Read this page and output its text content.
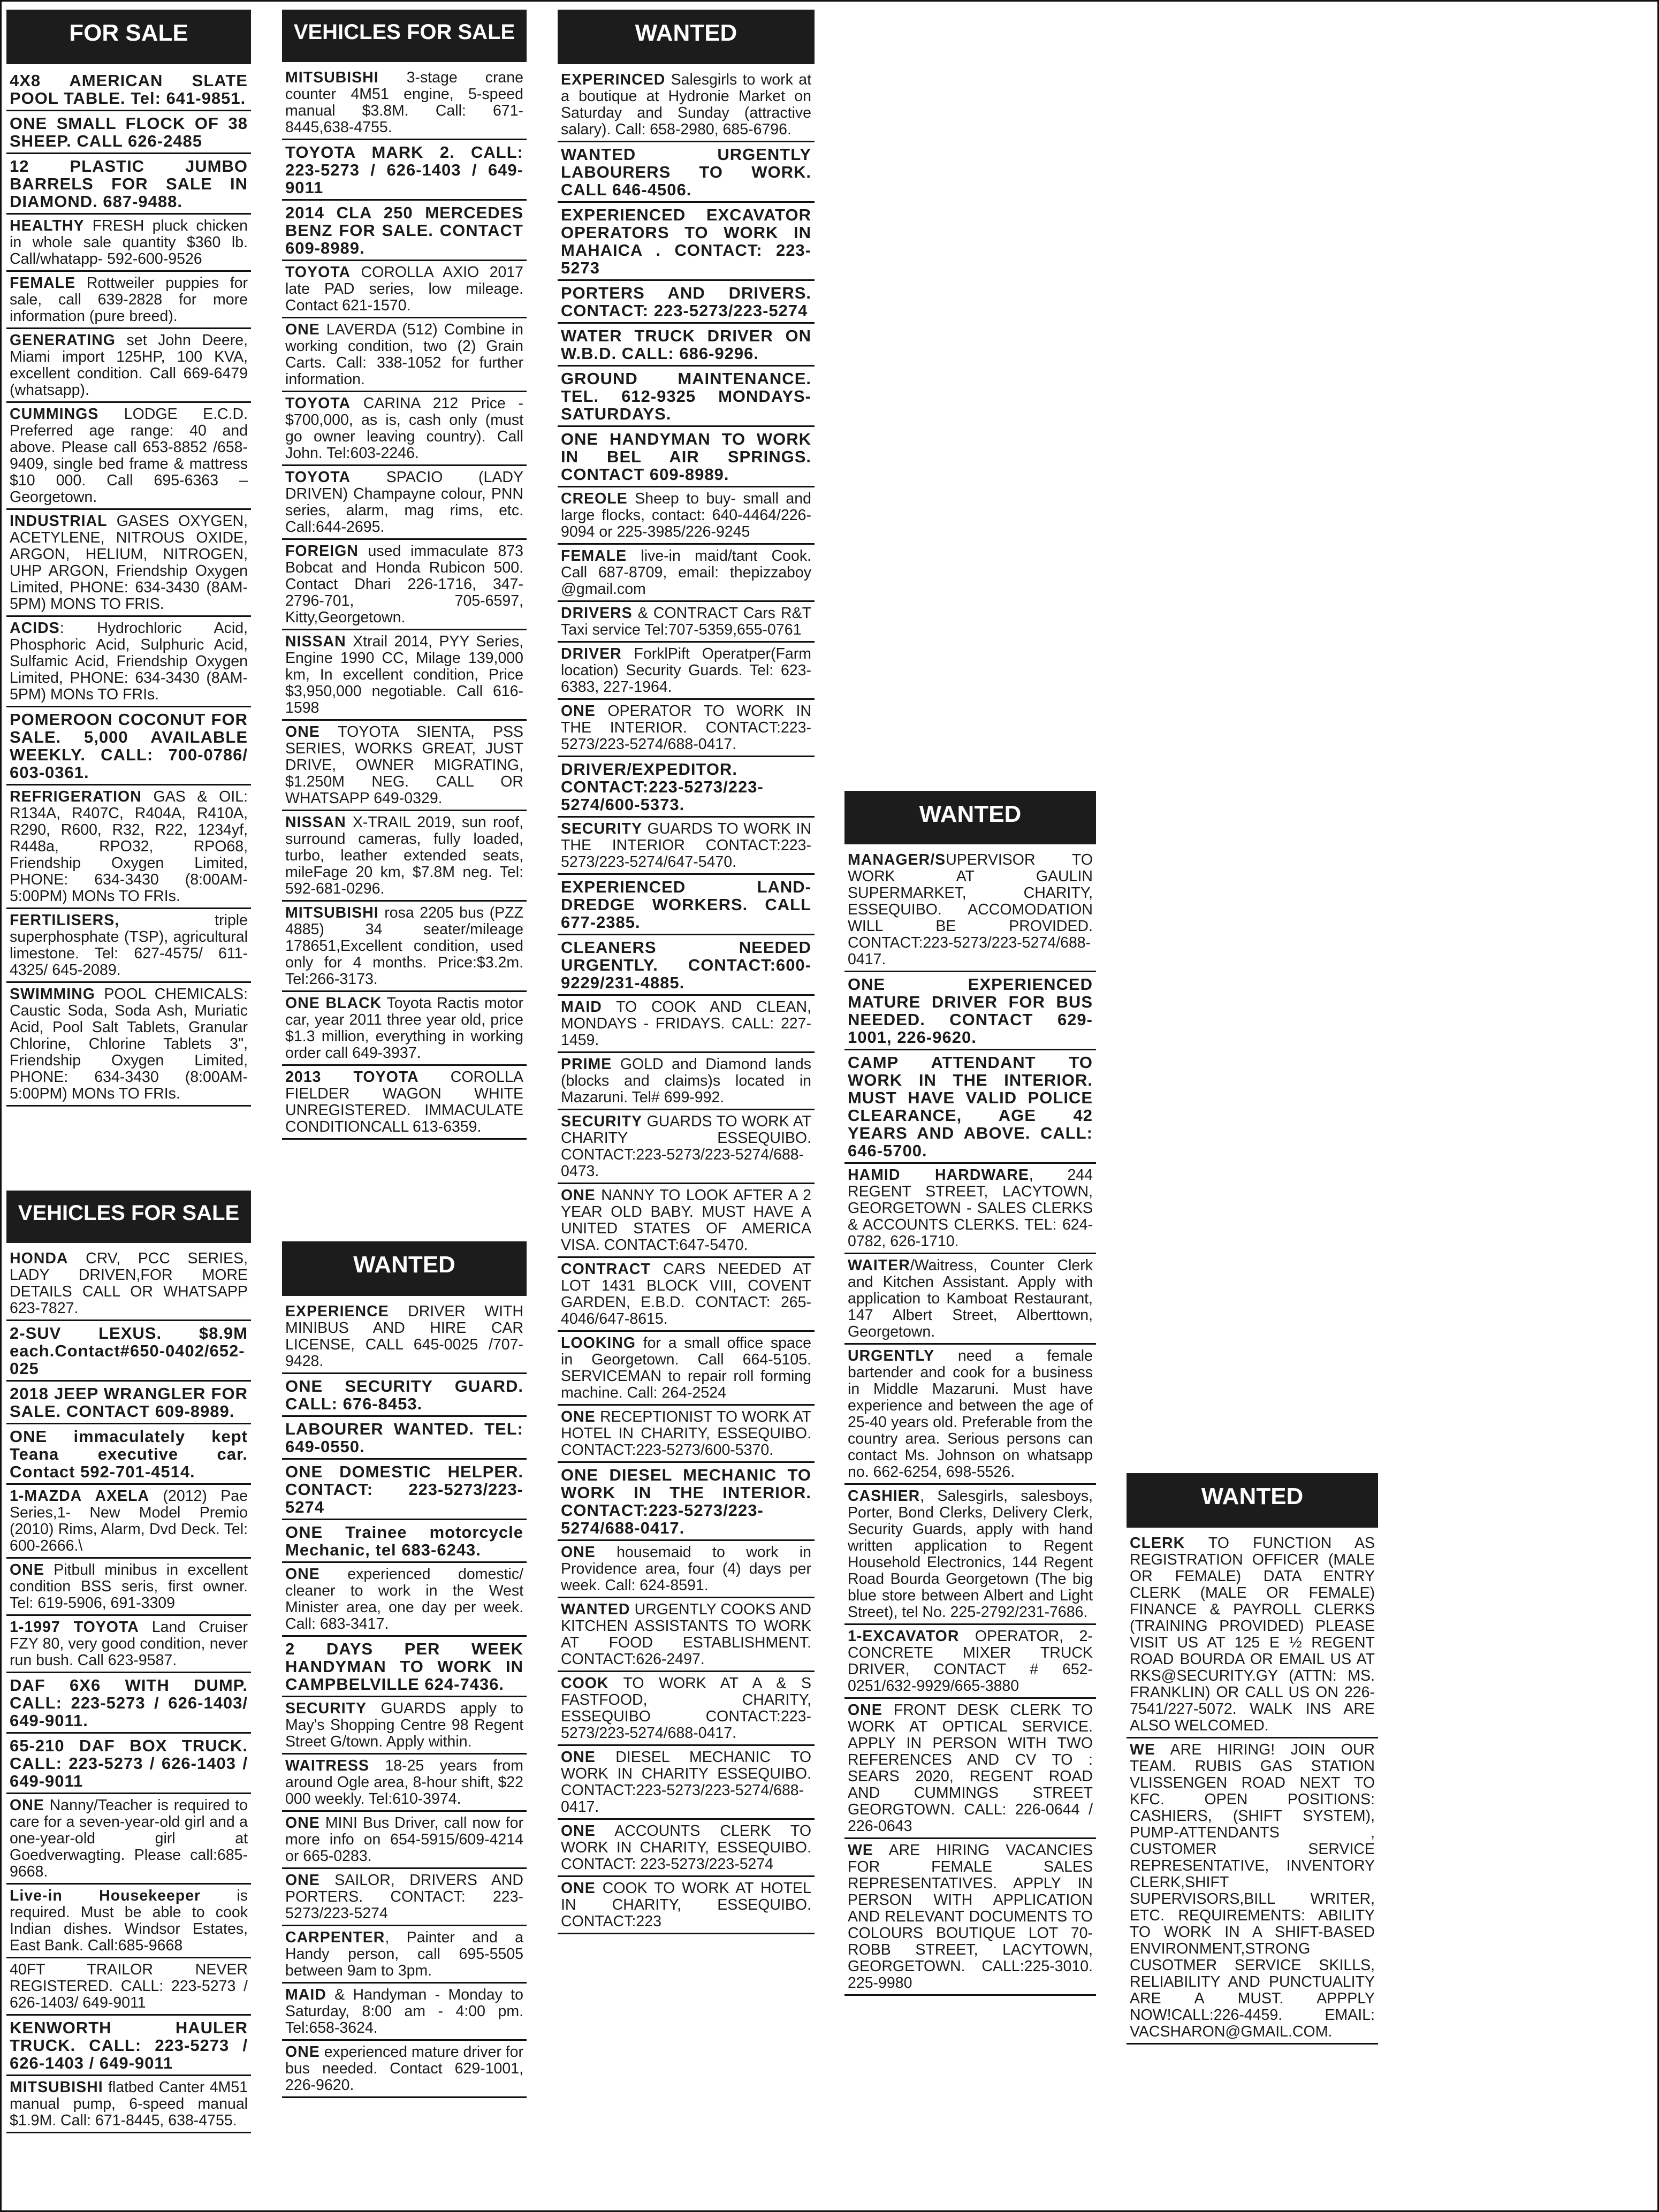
FOR SALE

4X8 AMERICAN SLATE POOL TABLE. Tel: 641-9851.

ONE SMALL FLOCK OF 38 SHEEP. CALL 626-2485

12 PLASTIC JUMBO BARRELS FOR SALE IN DIAMOND. 687-9488.

HEALTHY FRESH pluck chicken in whole sale quantity $360 lb. Call/whatapp- 592-600-9526

FEMALE Rottweiler puppies for sale, call 639-2828 for more information (pure breed).

GENERATING set John Deere, Miami import 125HP, 100 KVA, excellent condition. Call 669-6479 (whatsapp).

CUMMINGS LODGE E.C.D. Preferred age range: 40 and above. Please call 653-8852 /658-9409, single bed frame & mattress $10 000. Call 695-6363 – Georgetown.

INDUSTRIAL GASES OXYGEN, ACETYLENE, NITROUS OXIDE, ARGON, HELIUM, NITROGEN, UHP ARGON, Friendship Oxygen Limited, PHONE: 634-3430 (8AM-5PM) MONS TO FRIS.

ACIDS: Hydrochloric Acid, Phosphoric Acid, Sulphuric Acid, Sulfamic Acid, Friendship Oxygen Limited, PHONE: 634-3430 (8AM-5PM) MONs TO FRIs.

POMEROON COCONUT FOR SALE. 5,000 AVAILABLE WEEKLY. CALL: 700-0786/ 603-0361.

REFRIGERATION GAS & OIL: R134A, R407C, R404A, R410A, R290, R600, R32, R22, 1234yf, R448a, RPO32, RPO68, Friendship Oxygen Limited, PHONE: 634-3430 (8:00AM-5:00PM) MONs TO FRIs.

FERTILISERS, triple superphosphate (TSP), agricultural limestone. Tel: 627-4575/ 611-4325/ 645-2089.

SWIMMING POOL CHEMICALS: Caustic Soda, Soda Ash, Muriatic Acid, Pool Salt Tablets, Granular Chlorine, Chlorine Tablets 3", Friendship Oxygen Limited, PHONE: 634-3430 (8:00AM-5:00PM) MONs TO FRIs.

VEHICLES FOR SALE

HONDA CRV, PCC SERIES, LADY DRIVEN,FOR MORE DETAILS CALL OR WHATSAPP 623-7827.

2-SUV LEXUS. $8.9M each.Contact#650-0402/652-025

2018 JEEP WRANGLER FOR SALE. CONTACT 609-8989.

ONE immaculately kept Teana executive car. Contact 592-701-4514.

1-MAZDA AXELA (2012) Pae Series,1- New Model Premio (2010) Rims, Alarm, Dvd Deck. Tel: 600-2666.\

ONE Pitbull minibus in excellent condition BSS seris, first owner. Tel: 619-5906, 691-3309

1-1997 TOYOTA Land Cruiser FZY 80, very good condition, never run bush. Call 623-9587.

DAF 6X6 WITH DUMP. CALL: 223-5273 / 626-1403/ 649-9011.

65-210 DAF BOX TRUCK. CALL: 223-5273 / 626-1403 / 649-9011

ONE Nanny/Teacher is required to care for a seven-year-old girl and a one-year-old girl at Goedverwagting. Please call:685-9668.

Live-in Housekeeper is required. Must be able to cook Indian dishes. Windsor Estates, East Bank. Call:685-9668

40FT TRAILOR NEVER REGISTERED. CALL: 223-5273 / 626-1403/ 649-9011

KENWORTH HAULER TRUCK. CALL: 223-5273 / 626-1403 / 649-9011

MITSUBISHI flatbed Canter 4M51 manual pump, 6-speed manual $1.9M. Call: 671-8445, 638-4755.

VEHICLES FOR SALE

MITSUBISHI 3-stage crane counter 4M51 engine, 5-speed manual $3.8M. Call: 671-8445,638-4755.

TOYOTA MARK 2. CALL: 223-5273 / 626-1403 / 649-9011

2014 CLA 250 MERCEDES BENZ FOR SALE. CONTACT 609-8989.

TOYOTA COROLLA AXIO 2017 late PAD series, low mileage. Contact 621-1570.

ONE LAVERDA (512) Combine in working condition, two (2) Grain Carts. Call: 338-1052 for further information.

TOYOTA CARINA 212 Price - $700,000, as is, cash only (must go owner leaving country). Call John. Tel:603-2246.

TOYOTA SPACIO (LADY DRIVEN) Champayne colour, PNN series, alarm, mag rims, etc. Call:644-2695.

FOREIGN used immaculate 873 Bobcat and Honda Rubicon 500. Contact Dhari 226-1716, 347-2796-701, 705-6597, Kitty,Georgetown.

NISSAN Xtrail 2014, PYY Series, Engine 1990 CC, Milage 139,000 km, In excellent condition, Price $3,950,000 negotiable. Call 616-1598

ONE TOYOTA SIENTA, PSS SERIES, WORKS GREAT, JUST DRIVE, OWNER MIGRATING, $1.250M NEG. CALL OR WHATSAPP 649-0329.

NISSAN X-TRAIL 2019, sun roof, surround cameras, fully loaded, turbo, leather extended seats, mileFage 20 km, $7.8M neg. Tel: 592-681-0296.

MITSUBISHI rosa 2205 bus (PZZ 4885) 34 seater/mileage 178651,Excellent condition, used only for 4 months. Price:$3.2m. Tel:266-3173.

ONE BLACK Toyota Ractis motor car, year 2011 three year old, price $1.3 million, everything in working order call 649-3937.

2013 TOYOTA COROLLA FIELDER WAGON WHITE UNREGISTERED. IMMACULATE CONDITIONCALL 613-6359.

WANTED

EXPERIENCE DRIVER WITH MINIBUS AND HIRE CAR LICENSE, CALL 645-0025 /707-9428.

ONE SECURITY GUARD. CALL: 676-8453.

LABOURER WANTED. TEL: 649-0550.

ONE DOMESTIC HELPER. CONTACT: 223-5273/223-5274

ONE Trainee motorcycle Mechanic, tel 683-6243.

ONE experienced domestic/ cleaner to work in the West Minister area, one day per week. Call: 683-3417.

2 DAYS PER WEEK HANDYMAN TO WORK IN CAMPBELVILLE 624-7436.

SECURITY GUARDS apply to May's Shopping Centre 98 Regent Street G/town. Apply within.

WAITRESS 18-25 years from around Ogle area, 8-hour shift, $22 000 weekly. Tel:610-3974.

ONE MINI Bus Driver, call now for more info on 654-5915/609-4214 or 665-0283.

ONE SAILOR, DRIVERS AND PORTERS. CONTACT: 223-5273/223-5274

CARPENTER, Painter and a Handy person, call 695-5505 between 9am to 3pm.

MAID & Handyman - Monday to Saturday, 8:00 am - 4:00 pm. Tel:658-3624.

ONE experienced mature driver for bus needed. Contact 629-1001, 226-9620.

WANTED

EXPERINCED Salesgirls to work at a boutique at Hydronie Market on Saturday and Sunday (attractive salary). Call: 658-2980, 685-6796.

WANTED URGENTLY LABOURERS TO WORK. CALL 646-4506.

EXPERIENCED EXCAVATOR OPERATORS TO WORK IN MAHAICA . CONTACT: 223-5273

PORTERS AND DRIVERS. CONTACT: 223-5273/223-5274

WATER TRUCK DRIVER ON W.B.D. CALL: 686-9296.

GROUND MAINTENANCE. TEL. 612-9325 MONDAYS-SATURDAYS.

ONE HANDYMAN TO WORK IN BEL AIR SPRINGS. CONTACT 609-8989.

CREOLE Sheep to buy- small and large flocks, contact: 640-4464/226-9094 or 225-3985/226-9245

FEMALE live-in maid/tant Cook. Call 687-8709, email: thepizzaboy @gmail.com

DRIVERS & CONTRACT Cars R&T Taxi service Tel:707-5359,655-0761

DRIVER ForklPift Operatper(Farm location) Security Guards. Tel: 623-6383, 227-1964.

ONE OPERATOR TO WORK IN THE INTERIOR. CONTACT:223-5273/223-5274/688-0417.

DRIVER/EXPEDITOR. CONTACT:223-5273/223-5274/600-5373.

SECURITY GUARDS TO WORK IN THE INTERIOR CONTACT:223-5273/223-5274/647-5470.

EXPERIENCED LAND-DREDGE WORKERS. CALL 677-2385.

CLEANERS NEEDED URGENTLY. CONTACT:600-9229/231-4885.

MAID TO COOK AND CLEAN, MONDAYS - FRIDAYS. CALL: 227-1459.

PRIME GOLD and Diamond lands (blocks and claims)s located in Mazaruni. Tel# 699-992.

SECURITY GUARDS TO WORK AT CHARITY ESSEQUIBO. CONTACT:223-5273/223-5274/688-0473.

ONE NANNY TO LOOK AFTER A 2 YEAR OLD BABY. MUST HAVE A UNITED STATES OF AMERICA VISA. CONTACT:647-5470.

CONTRACT CARS NEEDED AT LOT 1431 BLOCK VIII, COVENT GARDEN, E.B.D. CONTACT: 265-4046/647-8615.

LOOKING for a small office space in Georgetown. Call 664-5105. SERVICEMAN to repair roll forming machine. Call: 264-2524

ONE RECEPTIONIST TO WORK AT HOTEL IN CHARITY, ESSEQUIBO. CONTACT:223-5273/600-5370.

ONE DIESEL MECHANIC TO WORK IN THE INTERIOR. CONTACT:223-5273/223-5274/688-0417.

ONE housemaid to work in Providence area, four (4) days per week. Call: 624-8591.

WANTED URGENTLY COOKS AND KITCHEN ASSISTANTS TO WORK AT FOOD ESTABLISHMENT. CONTACT:626-2497.

COOK TO WORK AT A & S FASTFOOD, CHARITY, ESSEQUIBO CONTACT:223-5273/223-5274/688-0417.

ONE DIESEL MECHANIC TO WORK IN CHARITY ESSEQUIBO. CONTACT:223-5273/223-5274/688-0417.

ONE ACCOUNTS CLERK TO WORK IN CHARITY, ESSEQUIBO. CONTACT: 223-5273/223-5274

ONE COOK TO WORK AT HOTEL IN CHARITY, ESSEQUIBO. CONTACT:223

WANTED

MANAGER/SUPERVISOR TO WORK AT GAULIN SUPERMARKET, CHARITY, ESSEQUIBO. ACCOMODATION WILL BE PROVIDED. CONTACT:223-5273/223-5274/688-0417.

ONE EXPERIENCED MATURE DRIVER FOR BUS NEEDED. CONTACT 629-1001, 226-9620.

CAMP ATTENDANT TO WORK IN THE INTERIOR. MUST HAVE VALID POLICE CLEARANCE, AGE 42 YEARS AND ABOVE. CALL: 646-5700.

HAMID HARDWARE, 244 REGENT STREET, LACYTOWN, GEORGETOWN - SALES CLERKS & ACCOUNTS CLERKS. TEL: 624-0782, 626-1710.

WAITER/Waitress, Counter Clerk and Kitchen Assistant. Apply with application to Kamboat Restaurant, 147 Albert Street, Alberttown, Georgetown.

URGENTLY need a female bartender and cook for a business in Middle Mazaruni. Must have experience and between the age of 25-40 years old. Preferable from the country area. Serious persons can contact Ms. Johnson on whatsapp no. 662-6254, 698-5526.

CASHIER, Salesgirls, salesboys, Porter, Bond Clerks, Delivery Clerk, Security Guards, apply with hand written application to Regent Household Electronics, 144 Regent Road Bourda Georgetown (The big blue store between Albert and Light Street), tel No. 225-2792/231-7686.

1-EXCAVATOR OPERATOR, 2- CONCRETE MIXER TRUCK DRIVER, CONTACT # 652-0251/632-9929/665-3880

ONE FRONT DESK CLERK TO WORK AT OPTICAL SERVICE. APPLY IN PERSON WITH TWO REFERENCES AND CV TO : SEARS 2020, REGENT ROAD AND CUMMINGS STREET GEORGTOWN. CALL: 226-0644 / 226-0643

WE ARE HIRING VACANCIES FOR FEMALE SALES REPRESENTATIVES. APPLY IN PERSON WITH APPLICATION AND RELEVANT DOCUMENTS TO COLOURS BOUTIQUE LOT 70-ROBB STREET, LACYTOWN, GEORGETOWN. CALL:225-3010. 225-9980

WANTED

CLERK TO FUNCTION AS REGISTRATION OFFICER (MALE OR FEMALE) DATA ENTRY CLERK (MALE OR FEMALE) FINANCE & PAYROLL CLERKS (TRAINING PROVIDED) PLEASE VISIT US AT 125 E ½ REGENT ROAD BOURDA OR EMAIL US AT RKS@SECURITY.GY (ATTN: MS. FRANKLIN) OR CALL US ON 226-7541/227-5072. WALK INS ARE ALSO WELCOMED.

WE ARE HIRING! JOIN OUR TEAM. RUBIS GAS STATION VLISSENGEN ROAD NEXT TO KFC. OPEN POSITIONS: CASHIERS, (SHIFT SYSTEM), PUMP-ATTENDANTS , CUSTOMER SERVICE REPRESENTATIVE, INVENTORY CLERK,SHIFT SUPERVISORS,BILL WRITER, ETC. REQUIREMENTS: ABILITY TO WORK IN A SHIFT-BASED ENVIRONMENT,STRONG CUSOTMER SERVICE SKILLS, RELIABILITY AND PUNCTUALITY ARE A MUST. APPPLY NOW!CALL:226-4459. EMAIL: VACSHARON@GMAIL.COM.
